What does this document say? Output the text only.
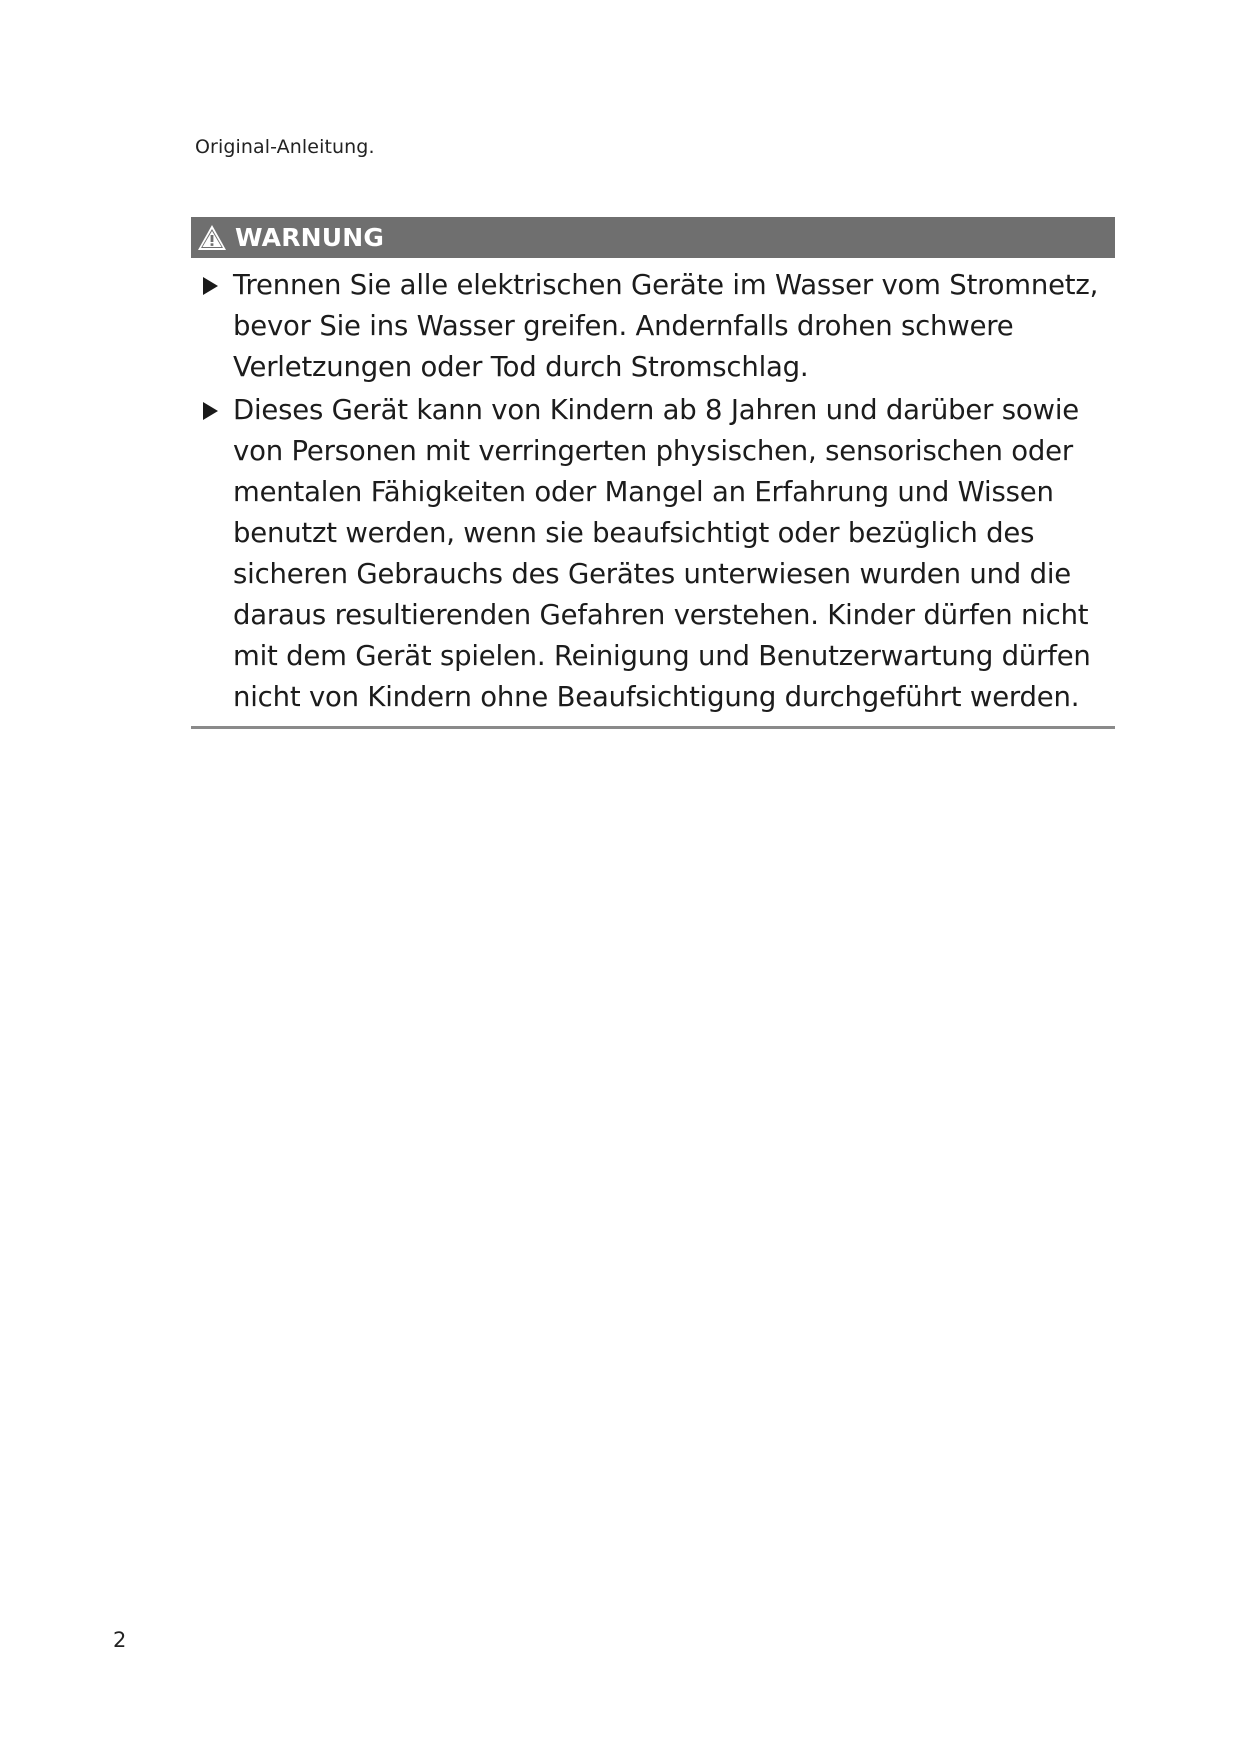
Original-Anleitung.
WARNUNG
Trennen Sie alle elektrischen Geräte im Wasser vom Stromnetz, bevor Sie ins Wasser greifen. Andernfalls drohen schwere Verletzungen oder Tod durch Stromschlag.
Dieses Gerät kann von Kindern ab 8 Jahren und darüber sowie von Personen mit verringerten physischen, sensorischen oder mentalen Fähigkeiten oder Mangel an Erfahrung und Wissen benutzt werden, wenn sie beaufsichtigt oder bezüglich des sicheren Gebrauchs des Gerätes unterwiesen wurden und die daraus resultierenden Gefahren verstehen. Kinder dürfen nicht mit dem Gerät spielen. Reinigung und Benutzerwartung dürfen nicht von Kindern ohne Beaufsichtigung durchgeführt werden.
2
